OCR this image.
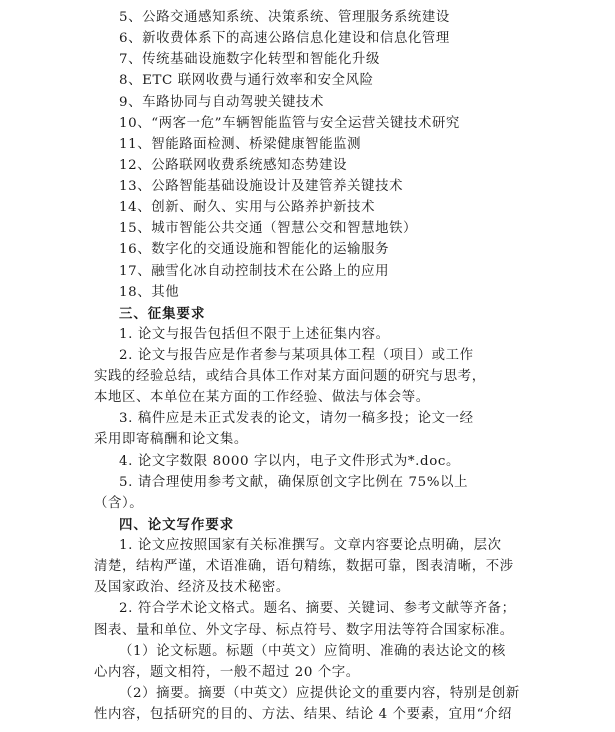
5、公路交通感知系统、决策系统、管理服务系统建设
6、新收费体系下的高速公路信息化建设和信息化管理
7、传统基础设施数字化转型和智能化升级
8、ETC 联网收费与通行效率和安全风险
9、车路协同与自动驾驶关键技术
10、“两客一危”车辆智能监管与安全运营关键技术研究
11、智能路面检测、桥梁健康智能监测
12、公路联网收费系统感知态势建设
13、公路智能基础设施设计及建管养关键技术
14、创新、耐久、实用与公路养护新技术
15、城市智能公共交通（智慧公交和智慧地铁）
16、数字化的交通设施和智能化的运输服务
17、融雪化冰自动控制技术在公路上的应用
18、其他
三、征集要求
1. 论文与报告包括但不限于上述征集内容。
2. 论文与报告应是作者参与某项具体工程（项目）或工作
实践的经验总结，或结合具体工作对某方面问题的研究与思考，
本地区、本单位在某方面的工作经验、做法与体会等。
3. 稿件应是未正式发表的论文，请勿一稿多投；论文一经
采用即寄稿酬和论文集。
4. 论文字数限 8000 字以内，电子文件形式为*.doc。
5. 请合理使用参考文献，确保原创文字比例在 75%以上
（含）。
四、论文写作要求
1. 论文应按照国家有关标准撰写。文章内容要论点明确，层次
清楚，结构严谨，术语准确，语句精练，数据可靠，图表清晰，不涉
及国家政治、经济及技术秘密。
2. 符合学术论文格式。题名、摘要、关键词、参考文献等齐备；
图表、量和单位、外文字母、标点符号、数字用法等符合国家标准。
（1）论文标题。标题（中英文）应简明、准确的表达论文的核
心内容，题文相符，一般不超过 20 个字。
（2）摘要。摘要（中英文）应提供论文的重要内容，特别是创新
性内容，包括研究的目的、方法、结果、结论 4 个要素，宜用“介绍
